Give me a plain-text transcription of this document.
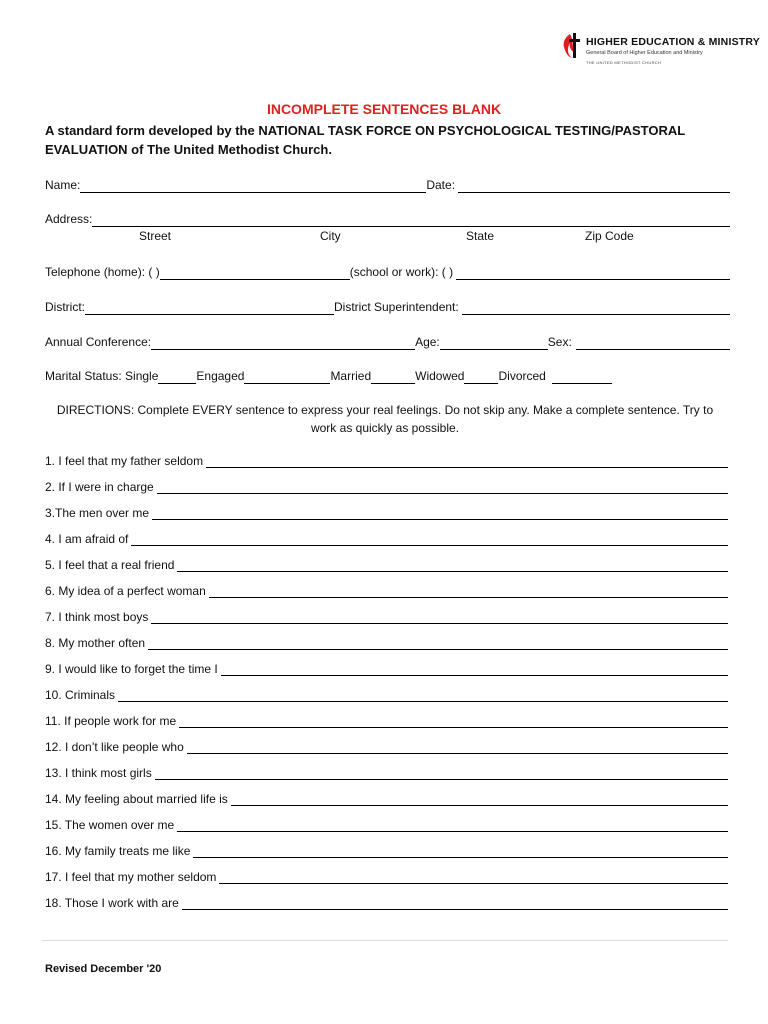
HIGHER EDUCATION & MINISTRY
General Board of Higher Education and Ministry
THE UNITED METHODIST CHURCH
INCOMPLETE SENTENCES BLANK
A standard form developed by the NATIONAL TASK FORCE ON PSYCHOLOGICAL TESTING/PASTORAL EVALUATION of The United Methodist Church.
Name:	Date:
Address:
Street	City	State	Zip Code
Telephone (home): ( )	(school or work): ( )
District:	District Superintendent:
Annual Conference:	Age:	Sex:
Marital Status: Single	Engaged	Married	Widowed	Divorced
DIRECTIONS: Complete EVERY sentence to express your real feelings. Do not skip any. Make a complete sentence. Try to work as quickly as possible.
1. I feel that my father seldom
2. If I were in charge
3.The men over me
4. I am afraid of
5. I feel that a real friend
6. My idea of a perfect woman
7. I think most boys
8. My mother often
9. I would like to forget the time I
10. Criminals
11. If people work for me
12. I don’t like people who
13. I think most girls
14. My feeling about married life is
15. The women over me
16. My family treats me like
17. I feel that my mother seldom
18. Those I work with are
Revised December '20
